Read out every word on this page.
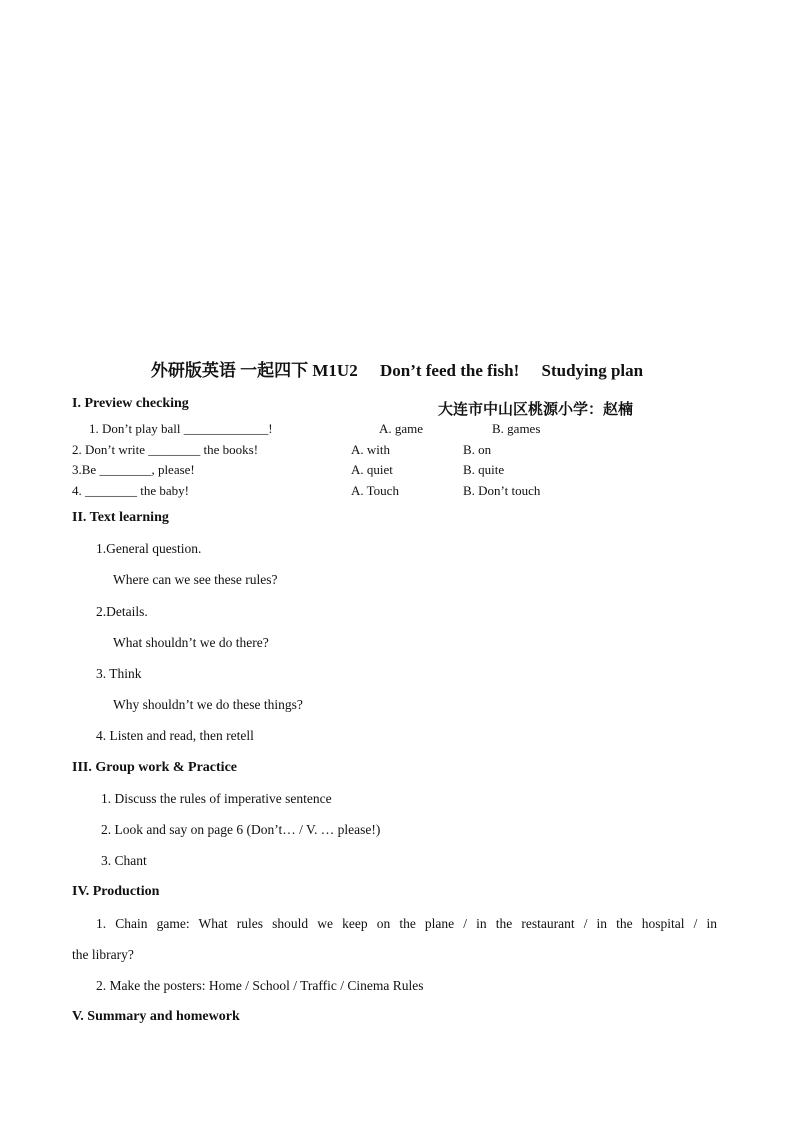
外研版英语 一起四下 M1U2 Don’t feed the fish! Studying plan
I. Preview checking	大连市中山区桃源小学：赵楠
1. Don’t play ball _____________!	A. game	B. games
2. Don’t write ________ the books!	A. with	B. on
3.Be ________, please!	A. quiet	B. quite
4. ________ the baby!	A. Touch	B. Don’t touch
II. Text learning
1.General question.
Where can we see these rules?
2.Details.
What shouldn’t we do there?
3. Think
Why shouldn’t we do these things?
4. Listen and read, then retell
III. Group work & Practice
1. Discuss the rules of imperative sentence
2. Look and say on page 6 (Don’t… / V. … please!)
3. Chant
IV. Production
1. Chain game: What rules should we keep on the plane / in the restaurant / in the hospital / in
the library?
2. Make the posters: Home / School / Traffic / Cinema Rules
V. Summary and homework
